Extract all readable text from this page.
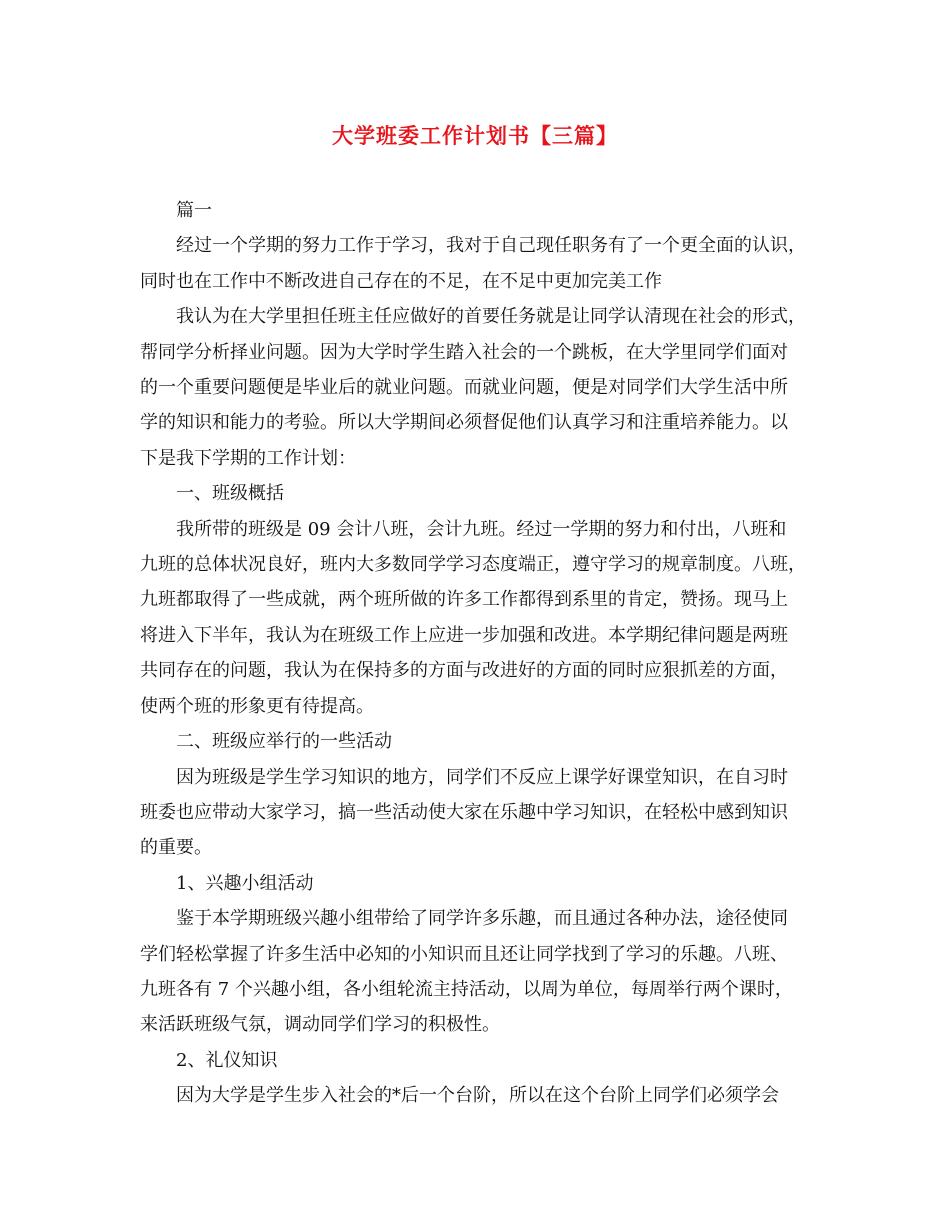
大学班委工作计划书【三篇】
篇一
经过一个学期的努力工作于学习，我对于自己现任职务有了一个更全面的认识，
同时也在工作中不断改进自己存在的不足，在不足中更加完美工作
我认为在大学里担任班主任应做好的首要任务就是让同学认清现在社会的形式，
帮同学分析择业问题。因为大学时学生踏入社会的一个跳板，在大学里同学们面对
的一个重要问题便是毕业后的就业问题。而就业问题，便是对同学们大学生活中所
学的知识和能力的考验。所以大学期间必须督促他们认真学习和注重培养能力。以
下是我下学期的工作计划：
一、班级概括
我所带的班级是 09 会计八班，会计九班。经过一学期的努力和付出，八班和
九班的总体状况良好，班内大多数同学学习态度端正，遵守学习的规章制度。八班，
九班都取得了一些成就，两个班所做的许多工作都得到系里的肯定，赞扬。现马上
将进入下半年，我认为在班级工作上应进一步加强和改进。本学期纪律问题是两班
共同存在的问题，我认为在保持多的方面与改进好的方面的同时应狠抓差的方面，
使两个班的形象更有待提高。
二、班级应举行的一些活动
因为班级是学生学习知识的地方，同学们不反应上课学好课堂知识，在自习时
班委也应带动大家学习，搞一些活动使大家在乐趣中学习知识，在轻松中感到知识
的重要。
1、兴趣小组活动
鉴于本学期班级兴趣小组带给了同学许多乐趣，而且通过各种办法，途径使同
学们轻松掌握了许多生活中必知的小知识而且还让同学找到了学习的乐趣。八班、
九班各有 7 个兴趣小组，各小组轮流主持活动，以周为单位，每周举行两个课时，
来活跃班级气氛，调动同学们学习的积极性。
2、礼仪知识
因为大学是学生步入社会的*后一个台阶，所以在这个台阶上同学们必须学会
